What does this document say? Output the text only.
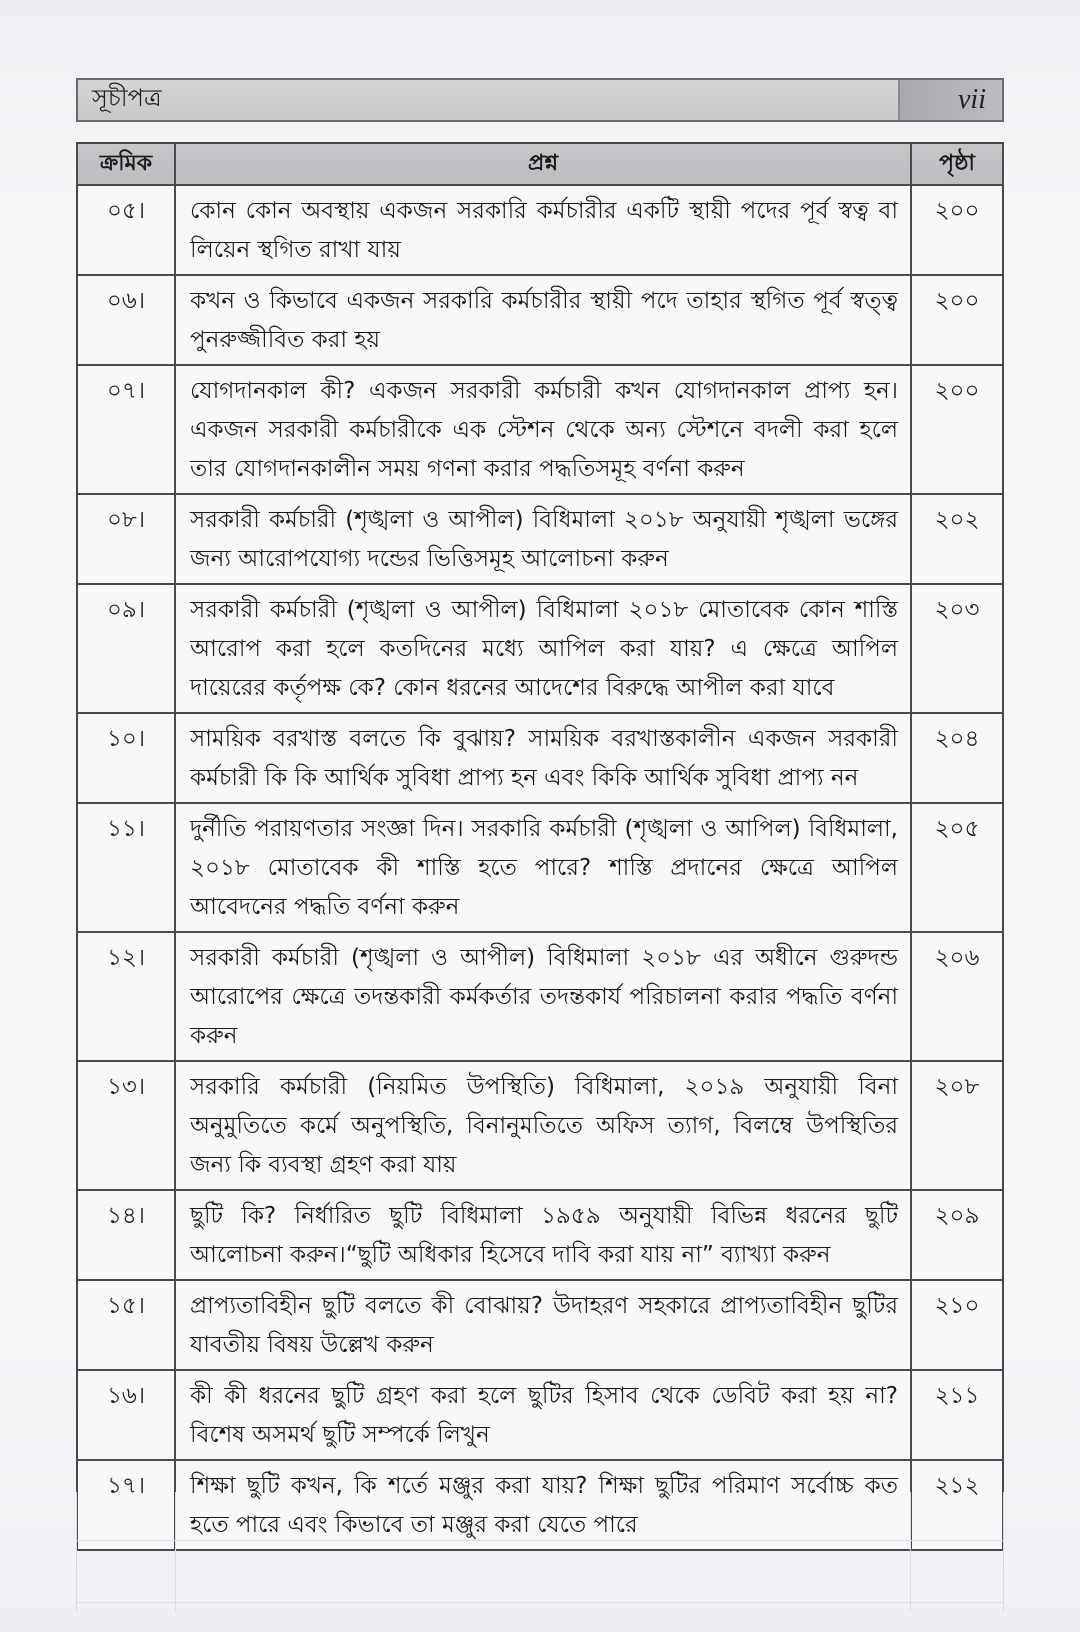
সূচীপত্র	vii
ক্রমিক	প্রশ্ন	পৃষ্ঠা
০৫।	কোন কোন অবস্থায় একজন সরকারি কর্মচারীর একটি স্থায়ী পদের পূর্ব স্বত্ব বা লিয়েন স্থগিত রাখা যায়	২০০
০৬।	কখন ও কিভাবে একজন সরকারি কর্মচারীর স্থায়ী পদে তাহার স্থগিত পূর্ব স্বত্ত্ব পুনরুজ্জীবিত করা হয়	২০০
০৭।	যোগদানকাল কী? একজন সরকারী কর্মচারী কখন যোগদানকাল প্রাপ্য হন। একজন সরকারী কর্মচারীকে এক স্টেশন থেকে অন্য স্টেশনে বদলী করা হলে তার যোগদানকালীন সময় গণনা করার পদ্ধতিসমূহ বর্ণনা করুন	২০০
০৮।	সরকারী কর্মচারী (শৃঙ্খলা ও আপীল) বিধিমালা ২০১৮ অনুযায়ী শৃঙ্খলা ভঙ্গের জন্য আরোপযোগ্য দন্ডের ভিত্তিসমূহ আলোচনা করুন	২০২
০৯।	সরকারী কর্মচারী (শৃঙ্খলা ও আপীল) বিধিমালা ২০১৮ মোতাবেক কোন শাস্তি আরোপ করা হলে কতদিনের মধ্যে আপিল করা যায়? এ ক্ষেত্রে আপিল দায়েরের কর্তৃপক্ষ কে? কোন ধরনের আদেশের বিরুদ্ধে আপীল করা যাবে	২০৩
১০।	সাময়িক বরখাস্ত বলতে কি বুঝায়? সাময়িক বরখাস্তকালীন একজন সরকারী কর্মচারী কি কি আর্থিক সুবিধা প্রাপ্য হন এবং কিকি আর্থিক সুবিধা প্রাপ্য নন	২০৪
১১।	দুর্নীতি পরায়ণতার সংজ্ঞা দিন। সরকারি কর্মচারী (শৃঙ্খলা ও আপিল) বিধিমালা, ২০১৮ মোতাবেক কী শাস্তি হতে পারে? শাস্তি প্রদানের ক্ষেত্রে আপিল আবেদনের পদ্ধতি বর্ণনা করুন	২০৫
১২।	সরকারী কর্মচারী (শৃঙ্খলা ও আপীল) বিধিমালা ২০১৮ এর অধীনে গুরুদন্ড আরোপের ক্ষেত্রে তদন্তকারী কর্মকর্তার তদন্তকার্য পরিচালনা করার পদ্ধতি বর্ণনা করুন	২০৬
১৩।	সরকারি কর্মচারী (নিয়মিত উপস্থিতি) বিধিমালা, ২০১৯ অনুযায়ী বিনা অনুমুতিতে কর্মে অনুপস্থিতি, বিনানুমতিতে অফিস ত্যাগ, বিলম্বে উপস্থিতির জন্য কি ব্যবস্থা গ্রহণ করা যায়	২০৮
১৪।	ছুটি কি? নির্ধারিত ছুটি বিধিমালা ১৯৫৯ অনুযায়ী বিভিন্ন ধরনের ছুটি আলোচনা করুন।“ছুটি অধিকার হিসেবে দাবি করা যায় না” ব্যাখ্যা করুন	২০৯
১৫।	প্রাপ্যতাবিহীন ছুটি বলতে কী বোঝায়? উদাহরণ সহকারে প্রাপ্যতাবিহীন ছুটির যাবতীয় বিষয় উল্লেখ করুন	২১০
১৬।	কী কী ধরনের ছুটি গ্রহণ করা হলে ছুটির হিসাব থেকে ডেবিট করা হয় না? বিশেষ অসমর্থ ছুটি সম্পর্কে লিখুন	২১১
১৭।	শিক্ষা ছুটি কখন, কি শর্তে মঞ্জুর করা যায়? শিক্ষা ছুটির পরিমাণ সর্বোচ্চ কত হতে পারে এবং কিভাবে তা মঞ্জুর করা যেতে পারে	২১২
